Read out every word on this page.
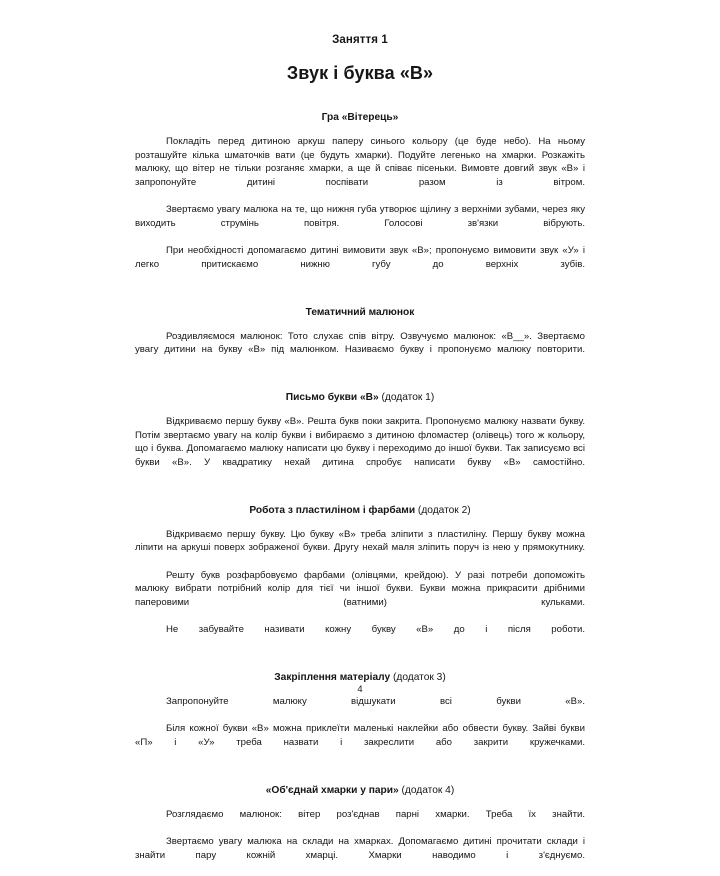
Заняття 1
Звук і буква «В»
Гра «Вітерець»

Покладіть перед дитиною аркуш паперу синього кольору (це буде небо). На ньому розташуйте кілька шматочків вати (це будуть хмарки). Подуйте легенько на хмарки. Розкажіть малюку, що вітер не тільки розганяє хмарки, а ще й співає пісеньки. Вимовте довгий звук «В» і запропонуйте дитині поспівати разом із вітром.

Звертаємо увагу малюка на те, що нижня губа утворює щілину з верхніми зубами, через яку виходить струмінь повітря. Голосові зв'язки вібрують.

При необхідності допомагаємо дитині вимовити звук «В»; пропонуємо вимовити звук «У» і легко притискаємо нижню губу до верхніх зубів.

Тематичний малюнок

Роздивляємося малюнок: Тото слухає спів вітру. Озвучуємо малюнок: «В__». Звертаємо увагу дитини на букву «В» під малюнком. Називаємо букву і пропонуємо малюку повторити.

Письмо букви «В» (додаток 1)

Відкриваємо першу букву «В». Решта букв поки закрита. Пропонуємо малюку назвати букву. Потім звертаємо увагу на колір букви і вибираємо з дитиною фломастер (олівець) того ж кольору, що і буква. Допомагаємо малюку написати цю букву і переходимо до іншої букви. Так записуємо всі букви «В». У квадратику нехай дитина спробує написати букву «В» самостійно.

Робота з пластиліном і фарбами (додаток 2)

Відкриваємо першу букву. Цю букву «В» треба зліпити з пластиліну. Першу букву можна ліпити на аркуші поверх зображеної букви. Другу нехай маля зліпить поруч із нею у прямокутнику.

Решту букв розфарбовуємо фарбами (олівцями, крейдою). У разі потреби допоможіть малюку вибрати потрібний колір для тієї чи іншої букви. Букви можна прикрасити дрібними паперовими (ватними) кульками.

Не забувайте називати кожну букву «В» до і після роботи.

Закріплення матеріалу (додаток 3)

Запропонуйте малюку відшукати всі букви «В».

Біля кожної букви «В» можна приклеїти маленькі наклейки або обвести букву. Зайві букви «П» і «У» треба назвати і закреслити або закрити кружечками.

«Об'єднай хмарки у пари» (додаток 4)

Розглядаємо малюнок: вітер роз'єднав парні хмарки. Треба їх знайти.

Звертаємо увагу малюка на склади на хмарках. Допомагаємо дитині прочитати склади і знайти пару кожній хмарці. Хмарки наводимо і з'єднуємо.

4
